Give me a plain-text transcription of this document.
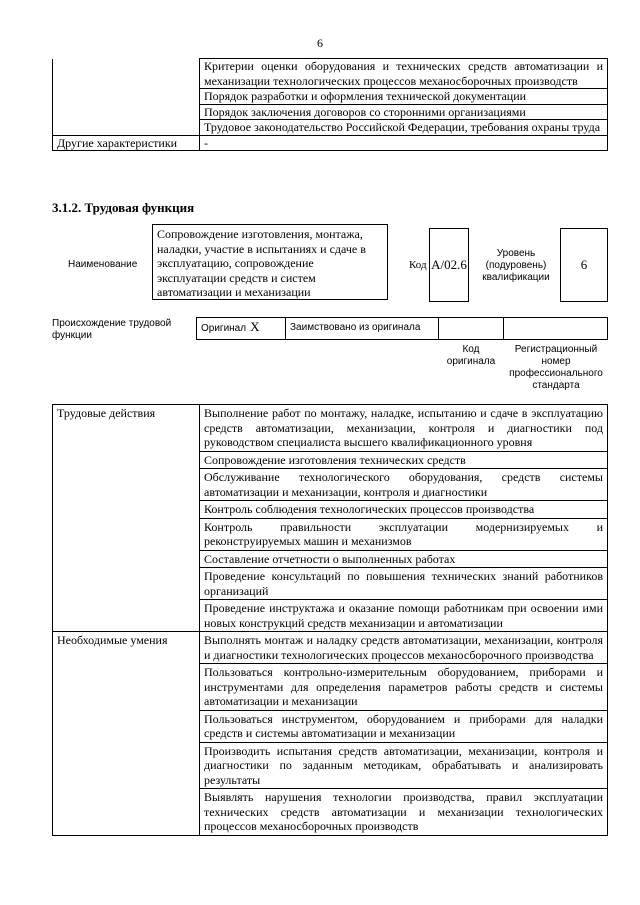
6
	Критерии оценки оборудования и технических средств автоматизации и механизации технологических процессов механосборочных производств
	Порядок разработки и оформления технической документации
	Порядок заключения договоров со сторонними организациями
	Трудовое законодательство Российской Федерации, требования охраны труда
Другие характеристики	-
3.1.2. Трудовая функция
Наименование
Сопровождение изготовления, монтажа, наладки, участие в испытаниях и сдаче в эксплуатацию, сопровождение эксплуатации средств и систем автоматизации и механизации
Код А/02.6
Уровень (подуровень) квалификации
6
Происхождение трудовой функции
Оригинал X	Заимствовано из оригинала		
Код оригинала
Регистрационный номер профессионального стандарта
Трудовые действия	Выполнение работ по монтажу, наладке, испытанию и сдаче в эксплуатацию средств автоматизации, механизации, контроля и диагностики под руководством специалиста высшего квалификационного уровня
	Сопровождение изготовления технических средств
	Обслуживание технологического оборудования, средств системы автоматизации и механизации, контроля и диагностики
	Контроль соблюдения технологических процессов производства
	Контроль правильности эксплуатации модернизируемых и реконструируемых машин и механизмов
	Составление отчетности о выполненных работах
	Проведение консультаций по повышения технических знаний работников организаций
	Проведение инструктажа и оказание помощи работникам при освоении ими новых конструкций средств механизации и автоматизации
Необходимые умения	Выполнять монтаж и наладку средств автоматизации, механизации, контроля и диагностики технологических процессов механосборочного производства
	Пользоваться контрольно-измерительным оборудованием, приборами и инструментами для определения параметров работы средств и системы автоматизации и механизации
	Пользоваться инструментом, оборудованием и приборами для наладки средств и системы автоматизации и механизации
	Производить испытания средств автоматизации, механизации, контроля и диагностики по заданным методикам, обрабатывать и анализировать результаты
	Выявлять нарушения технологии производства, правил эксплуатации технических средств автоматизации и механизации технологических процессов механосборочных производств
